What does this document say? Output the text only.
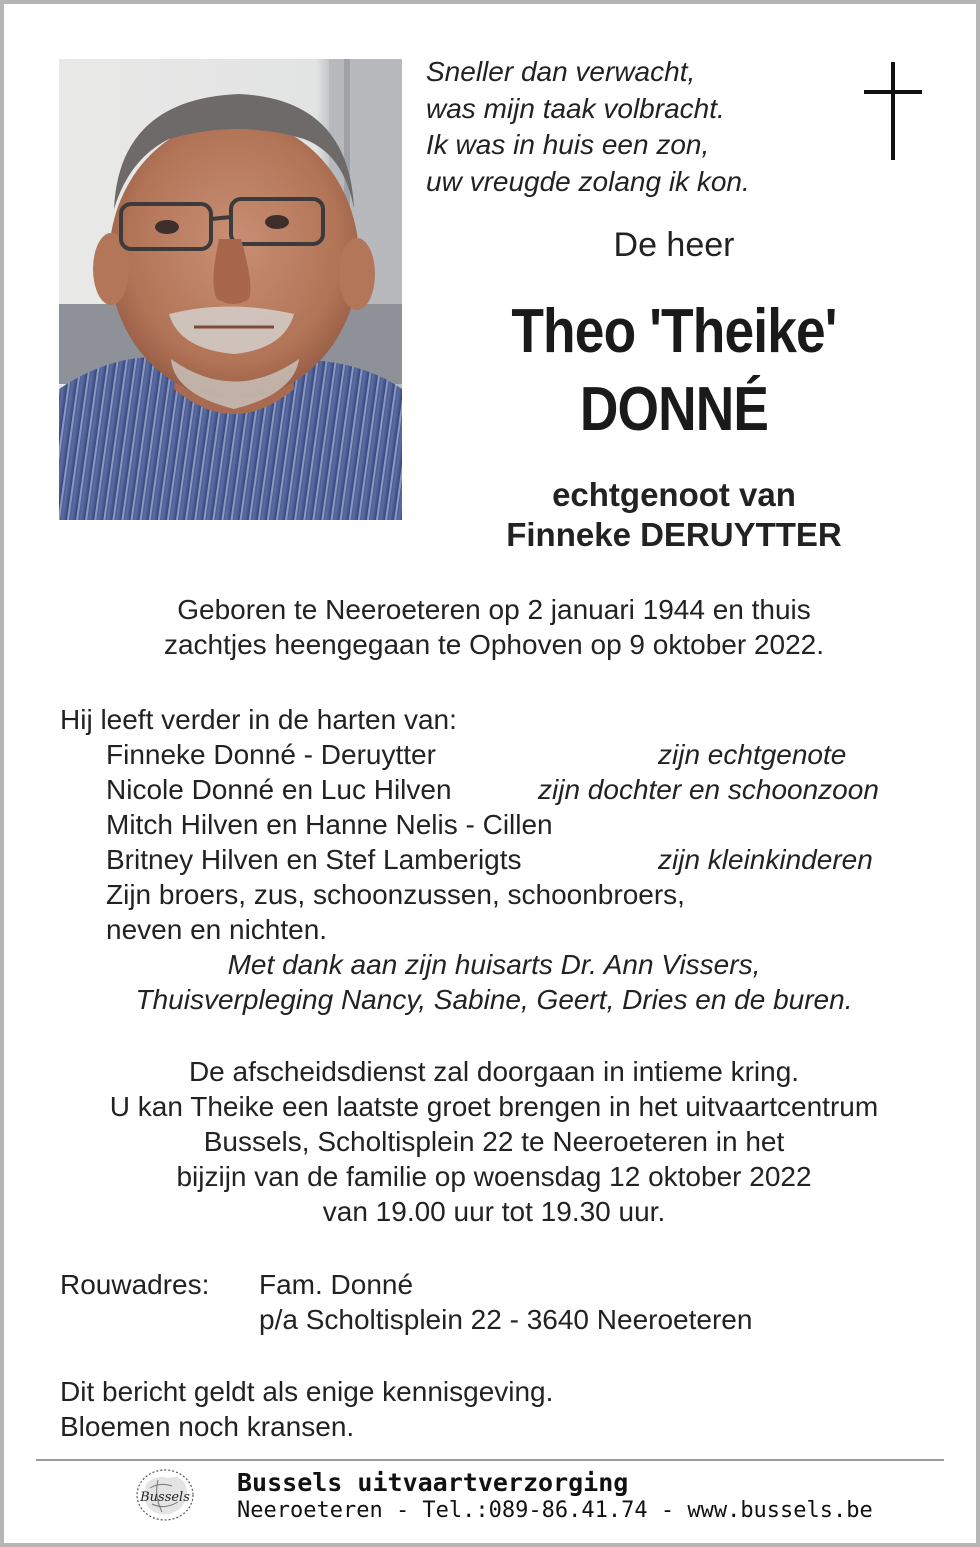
Sneller dan verwacht,
was mijn taak volbracht.
Ik was in huis een zon,
uw vreugde zolang ik kon.
De heer
Theo 'Theike'
DONNÉ
echtgenoot van
Finneke DERUYTTER
Geboren te Neeroeteren op 2 januari 1944 en thuis
zachtjes heengegaan te Ophoven op 9 oktober 2022.
Hij leeft verder in de harten van:
Finneke Donné - Deruytter	zijn echtgenote
Nicole Donné en Luc Hilven	zijn dochter en schoonzoon
Mitch Hilven en Hanne Nelis - Cillen
Britney Hilven en Stef Lamberigts	zijn kleinkinderen
Zijn broers, zus, schoonzussen, schoonbroers,
neven en nichten.
Met dank aan zijn huisarts Dr. Ann Vissers,
Thuisverpleging Nancy, Sabine, Geert, Dries en de buren.
De afscheidsdienst zal doorgaan in intieme kring.
U kan Theike een laatste groet brengen in het uitvaartcentrum
Bussels, Scholtisplein 22 te Neeroeteren in het
bijzijn van de familie op woensdag 12 oktober 2022
van 19.00 uur tot 19.30 uur.
Rouwadres: Fam. Donné
p/a Scholtisplein 22 - 3640 Neeroeteren
Dit bericht geldt als enige kennisgeving.
Bloemen noch kransen.
Bussels
Bussels uitvaartverzorging
Neeroeteren - Tel.:089-86.41.74 - www.bussels.be
